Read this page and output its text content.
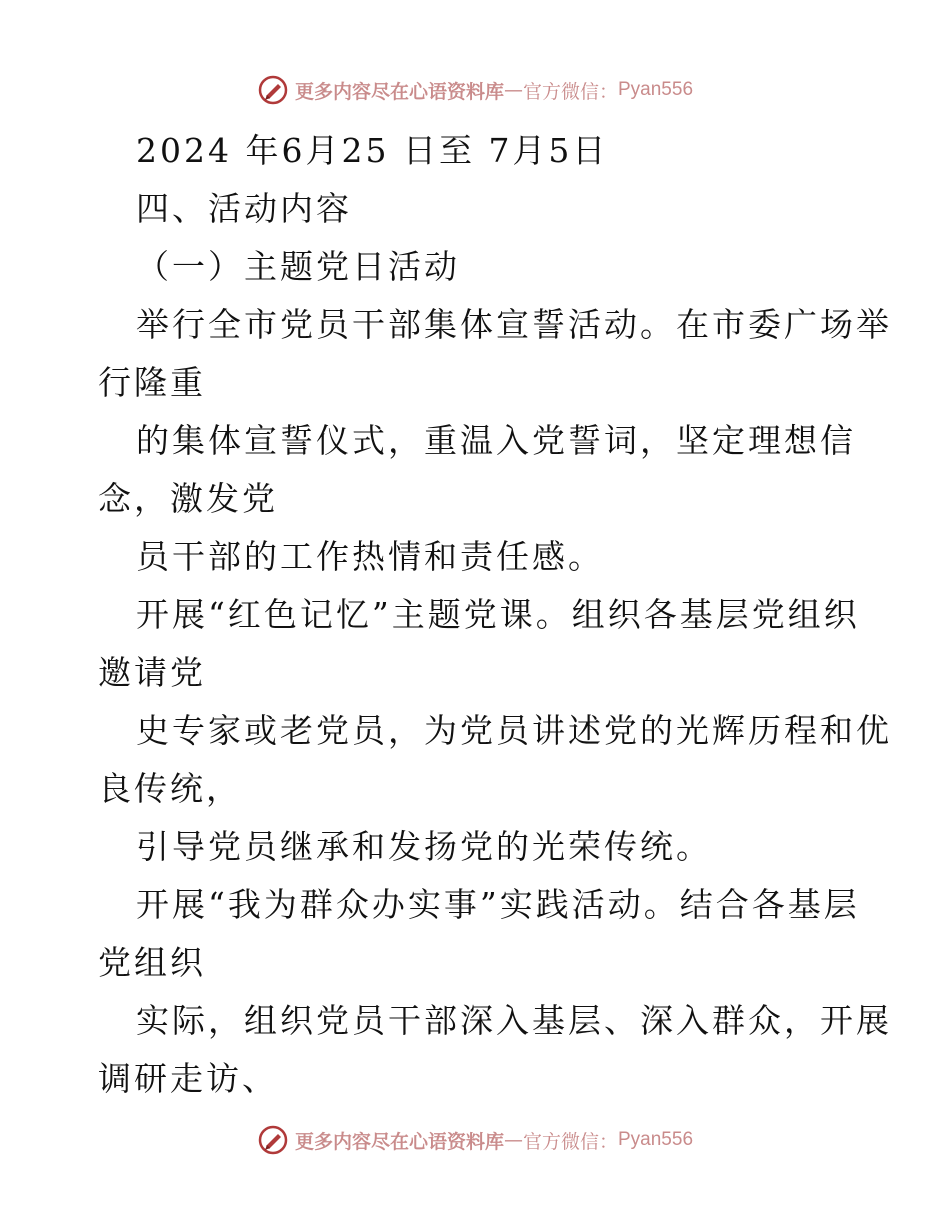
更多内容尽在心语资料库 — 官方微信： Pyan556
2024 年6月25 日至 7月5日
四、活动内容
（一）主题党日活动
举行全市党员干部集体宣誓活动。在市委广场举
行隆重
的集体宣誓仪式，重温入党誓词，坚定理想信
念，激发党
员干部的工作热情和责任感。
开展“红色记忆”主题党课。组织各基层党组织
邀请党
史专家或老党员，为党员讲述党的光辉历程和优
良传统，
引导党员继承和发扬党的光荣传统。
开展“我为群众办实事”实践活动。结合各基层
党组织
实际，组织党员干部深入基层、深入群众，开展
调研走访、
更多内容尽在心语资料库 — 官方微信： Pyan556
